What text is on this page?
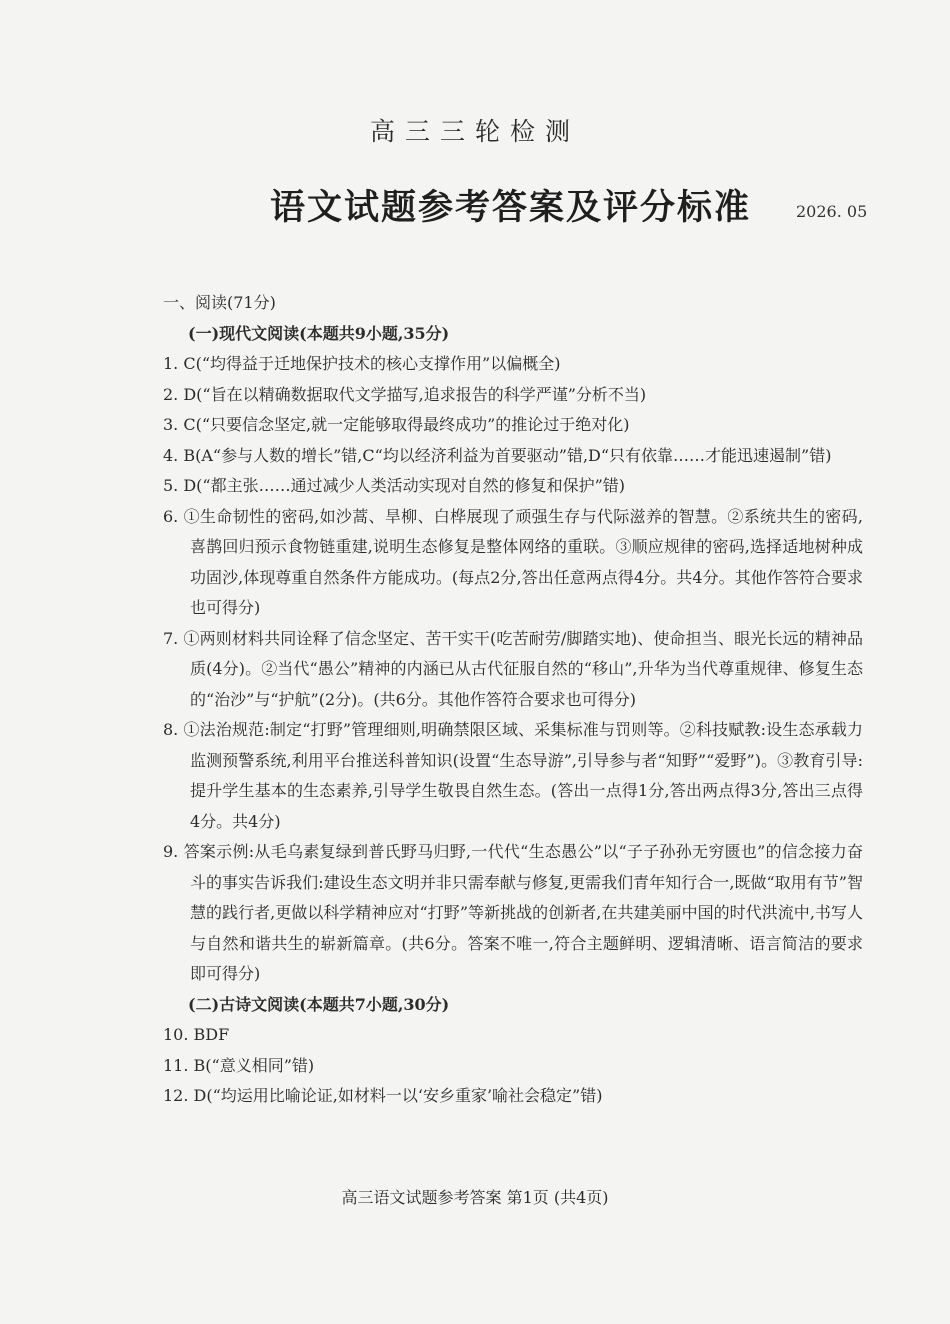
高三三轮检测
语文试题参考答案及评分标准	2026. 05

一、阅读(71分)

(一)现代文阅读(本题共9小题,35分)

1. C(“均得益于迁地保护技术的核心支撑作用”以偏概全)

2. D(“旨在以精确数据取代文学描写,追求报告的科学严谨”分析不当)

3. C(“只要信念坚定,就一定能够取得最终成功”的推论过于绝对化)

4. B(A“参与人数的增长”错,C“均以经济利益为首要驱动”错,D“只有依靠……才能迅速遏制”错)

5. D(“都主张……通过减少人类活动实现对自然的修复和保护”错)

6. ①生命韧性的密码,如沙蒿、旱柳、白桦展现了顽强生存与代际滋养的智慧。②系统共生的密码,喜鹊回归预示食物链重建,说明生态修复是整体网络的重联。③顺应规律的密码,选择适地树种成功固沙,体现尊重自然条件方能成功。(每点2分,答出任意两点得4分。共4分。其他作答符合要求也可得分)

7. ①两则材料共同诠释了信念坚定、苦干实干(吃苦耐劳/脚踏实地)、使命担当、眼光长远的精神品质(4分)。②当代“愚公”精神的内涵已从古代征服自然的“移山”,升华为当代尊重规律、修复生态的“治沙”与“护航”(2分)。(共6分。其他作答符合要求也可得分)

8. ①法治规范:制定“打野”管理细则,明确禁限区域、采集标准与罚则等。②科技赋教:设生态承载力监测预警系统,利用平台推送科普知识(设置“生态导游”,引导参与者“知野”“爱野”)。③教育引导:提升学生基本的生态素养,引导学生敬畏自然生态。(答出一点得1分,答出两点得3分,答出三点得4分。共4分)

9. 答案示例:从毛乌素复绿到普氏野马归野,一代代“生态愚公”以“子子孙孙无穷匮也”的信念接力奋斗的事实告诉我们:建设生态文明并非只需奉献与修复,更需我们青年知行合一,既做“取用有节”智慧的践行者,更做以科学精神应对“打野”等新挑战的创新者,在共建美丽中国的时代洪流中,书写人与自然和谐共生的崭新篇章。(共6分。答案不唯一,符合主题鲜明、逻辑清晰、语言简洁的要求即可得分)

(二)古诗文阅读(本题共7小题,30分)

10. BDF

11. B(“意义相同”错)

12. D(“均运用比喻论证,如材料一以‘安乡重家’喻社会稳定”错)

高三语文试题参考答案 第1页 (共4页)
